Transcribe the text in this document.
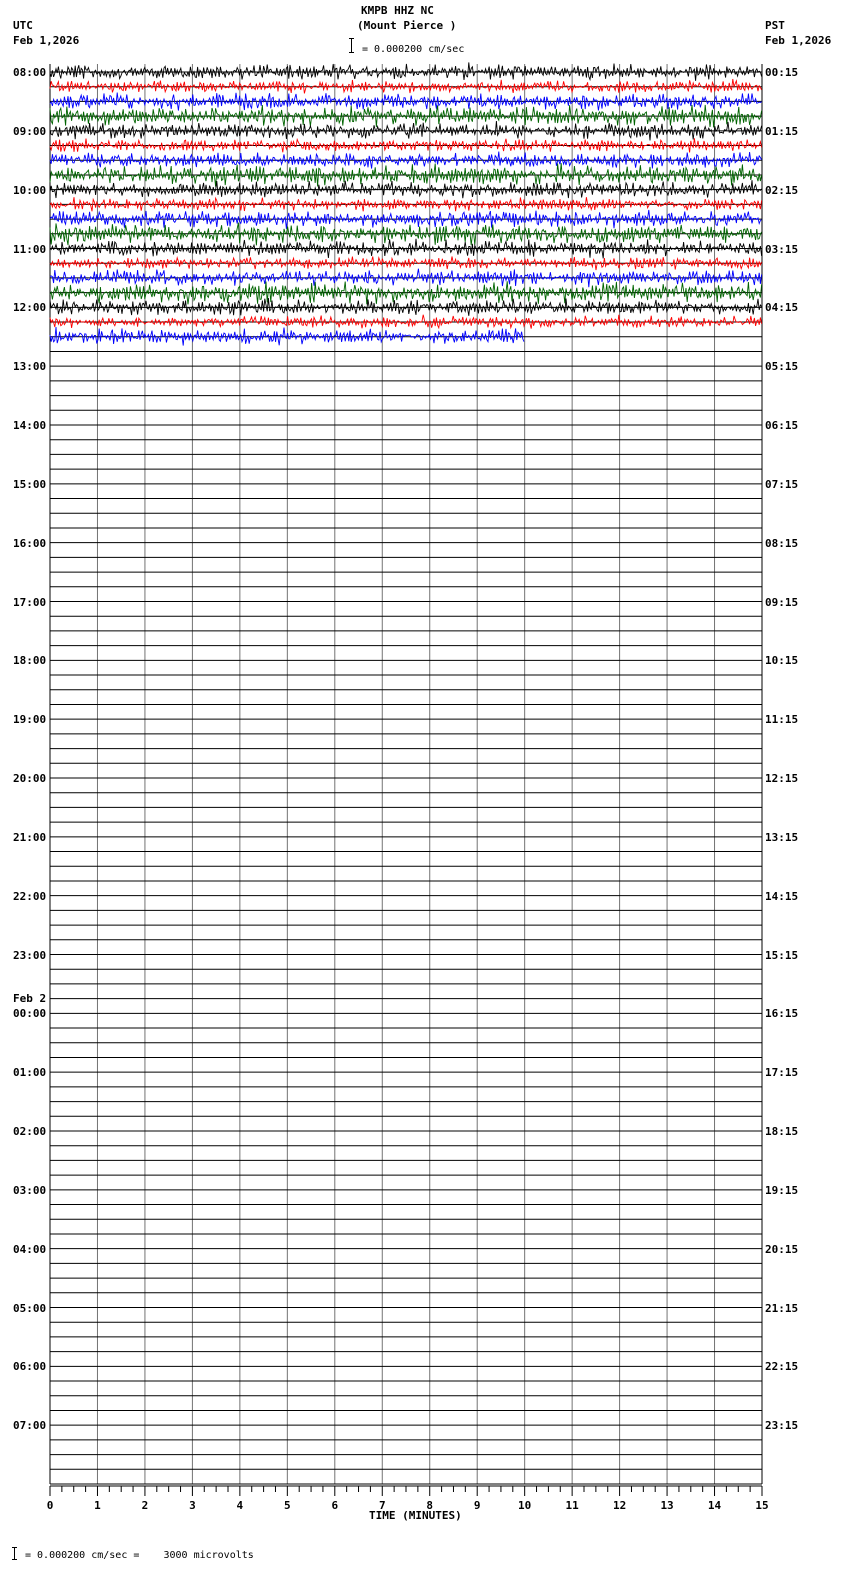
0	1	2	3	4	5	6	7	8	9	10	11	12	13	14	15
KMPB HHZ NC
(Mount Pierce )
= 0.000200 cm/sec
UTC
Feb 1,2026
PST
Feb 1,2026
TIME (MINUTES)
= 0.000200 cm/sec =    3000 microvolts
08:00
09:00
10:00
11:00
12:00
13:00
14:00
15:00
16:00
17:00
18:00
19:00
20:00
21:00
22:00
23:00
00:00
01:00
02:00
03:00
04:00
05:00
06:00
07:00
00:15
01:15
02:15
03:15
04:15
05:15
06:15
07:15
08:15
09:15
10:15
11:15
12:15
13:15
14:15
15:15
16:15
17:15
18:15
19:15
20:15
21:15
22:15
23:15
Feb 2
